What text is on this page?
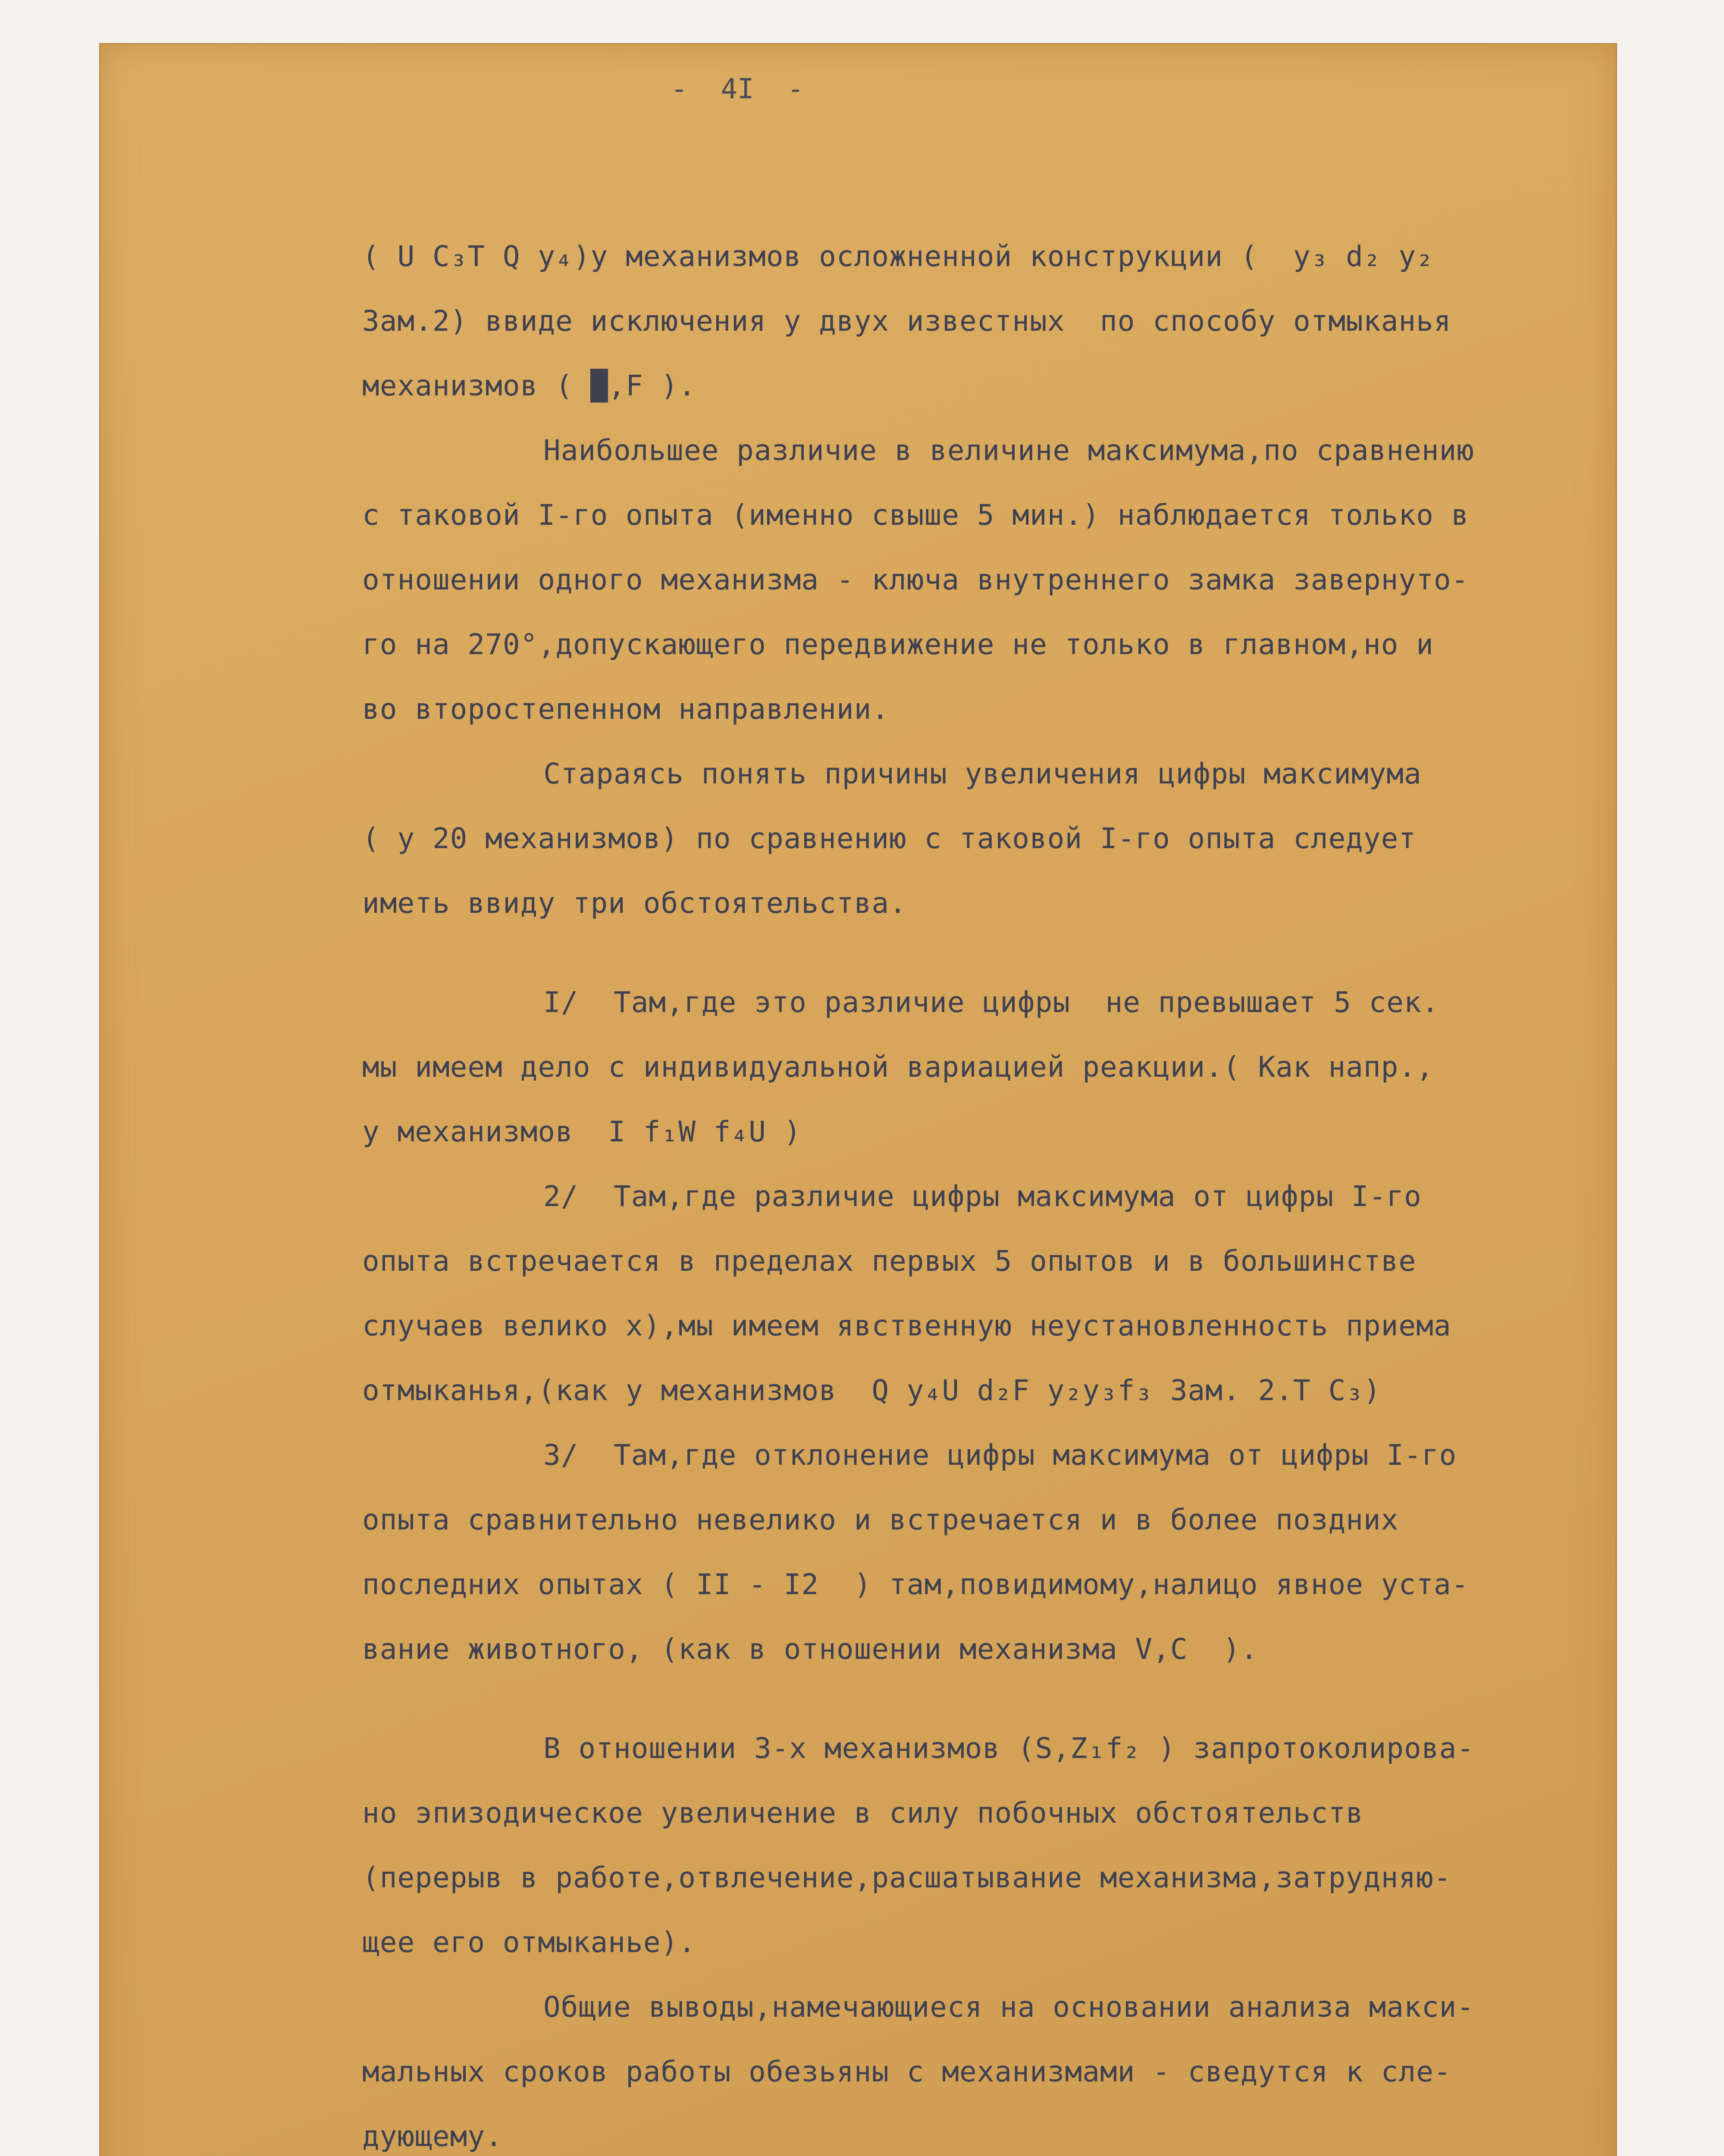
-  4I  -
( U C₃T Q y₄)у механизмов осложненной конструкции (  y₃ d₂ y₂
Зам.2) ввиде исключения у двух известных  по способу отмыканья
механизмов ( █,F ).
Наибольшее различие в величине максимума,по сравнению
с таковой I-го опыта (именно свыше 5 мин.) наблюдается только в
отношении одного механизма - ключа внутреннего замка завернуто-
го на 270°,допускающего передвижение не только в главном,но и
во второстепенном направлении.
Стараясь понять причины увеличения цифры максимума
( у 20 механизмов) по сравнению с таковой I-го опыта следует
иметь ввиду три обстоятельства.
I/  Там,где это различие цифры  не превышает 5 сек.
мы имеем дело с индивидуальной вариацией реакции.( Как напр.,
у механизмов  I f₁W f₄U )
2/  Там,где различие цифры максимума от цифры I-го
опыта встречается в пределах первых 5 опытов и в большинстве
случаев велико x),мы имеем явственную неустановленность приема
отмыканья,(как у механизмов  Q y₄U d₂F y₂y₃f₃ Зам. 2.Т C₃)
3/  Там,где отклонение цифры максимума от цифры I-го
опыта сравнительно невелико и встречается и в более поздних
последних опытах ( II - I2  ) там,повидимому,налицо явное уста-
вание животного, (как в отношении механизма V,C  ).
В отношении 3-х механизмов (S,Z₁f₂ ) запротоколирова-
но эпизодическое увеличение в силу побочных обстоятельств
(перерыв в работе,отвлечение,расшатывание механизма,затрудняю-
щее его отмыканье).
Общие выводы,намечающиеся на основании анализа макси-
мальных сроков работы обезьяны с механизмами - сведутся к сле-
дующему.
